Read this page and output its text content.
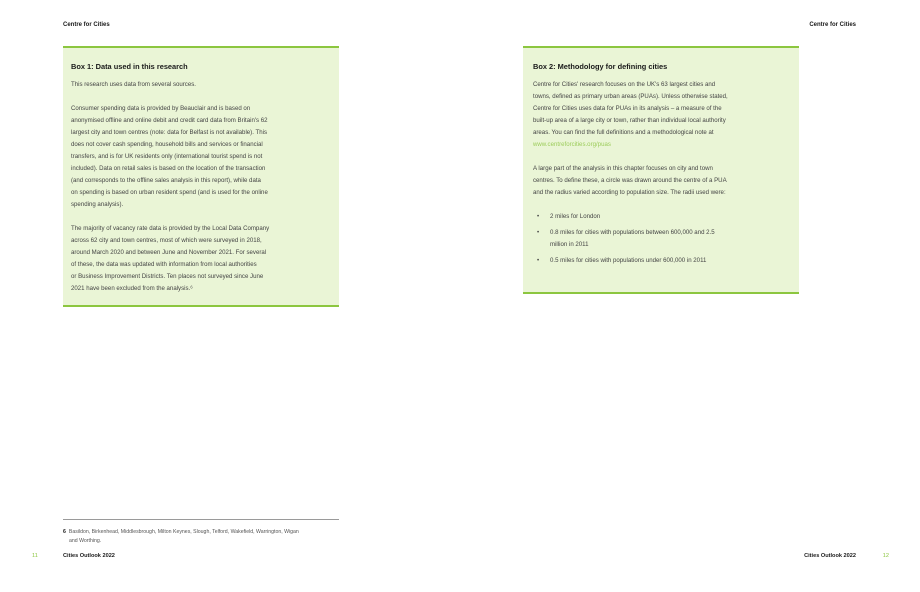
Centre for Cities	Centre for Cities
Box 1: Data used in this research

This research uses data from several sources.

Consumer spending data is provided by Beauclair and is based on
anonymised offline and online debit and credit card data from Britain's 62
largest city and town centres (note: data for Belfast is not available). This
does not cover cash spending, household bills and services or financial
transfers, and is for UK residents only (international tourist spend is not
included). Data on retail sales is based on the location of the transaction
(and corresponds to the offline sales analysis in this report), while data
on spending is based on urban resident spend (and is used for the online
spending analysis).

The majority of vacancy rate data is provided by the Local Data Company
across 62 city and town centres, most of which were surveyed in 2018,
around March 2020 and between June and November 2021. For several
of these, the data was updated with information from local authorities
or Business Improvement Districts. Ten places not surveyed since June
2021 have been excluded from the analysis.⁶

Box 2: Methodology for defining cities

Centre for Cities' research focuses on the UK's 63 largest cities and
towns, defined as primary urban areas (PUAs). Unless otherwise stated,
Centre for Cities uses data for PUAs in its analysis – a measure of the
built-up area of a large city or town, rather than individual local authority
areas. You can find the full definitions and a methodological note at
www.centreforcities.org/puas

A large part of the analysis in this chapter focuses on city and town
centres. To define these, a circle was drawn around the centre of a PUA
and the radius varied according to population size. The radii used were:

• 2 miles for London
• 0.8 miles for cities with populations between 600,000 and 2.5
million in 2011
• 0.5 miles for cities with populations under 600,000 in 2011
6 Basildon, Birkenhead, Middlesbrough, Milton Keynes, Slough, Telford, Wakefield, Warrington, Wigan
and Worthing.
11	Cities Outlook 2022	Cities Outlook 2022	12
